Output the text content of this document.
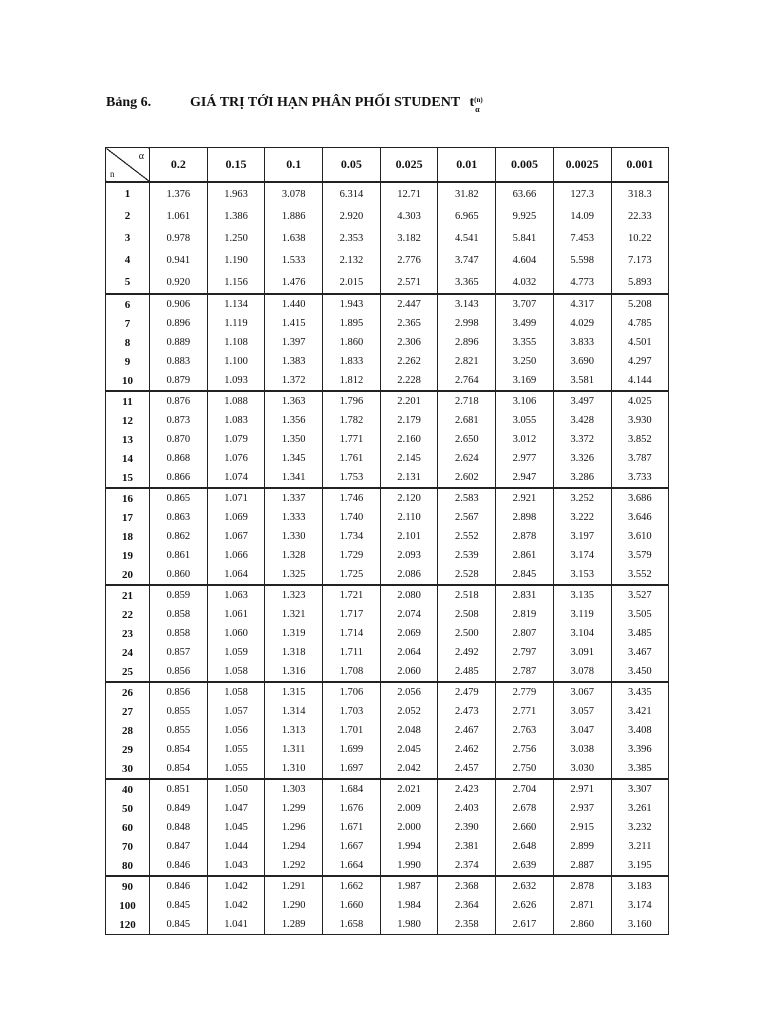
Bảng 6.	GIÁ TRỊ TỚI HẠN PHÂN PHỐI STUDENT t (n)
α
α
n	0.2	0.15	0.1	0.05	0.025	0.01	0.005	0.0025	0.001
1	1.376	1.963	3.078	6.314	12.71	31.82	63.66	127.3	318.3
2	1.061	1.386	1.886	2.920	4.303	6.965	9.925	14.09	22.33
3	0.978	1.250	1.638	2.353	3.182	4.541	5.841	7.453	10.22
4	0.941	1.190	1.533	2.132	2.776	3.747	4.604	5.598	7.173
5	0.920	1.156	1.476	2.015	2.571	3.365	4.032	4.773	5.893
6	0.906	1.134	1.440	1.943	2.447	3.143	3.707	4.317	5.208
7	0.896	1.119	1.415	1.895	2.365	2.998	3.499	4.029	4.785
8	0.889	1.108	1.397	1.860	2.306	2.896	3.355	3.833	4.501
9	0.883	1.100	1.383	1.833	2.262	2.821	3.250	3.690	4.297
10	0.879	1.093	1.372	1.812	2.228	2.764	3.169	3.581	4.144
11	0.876	1.088	1.363	1.796	2.201	2.718	3.106	3.497	4.025
12	0.873	1.083	1.356	1.782	2.179	2.681	3.055	3.428	3.930
13	0.870	1.079	1.350	1.771	2.160	2.650	3.012	3.372	3.852
14	0.868	1.076	1.345	1.761	2.145	2.624	2.977	3.326	3.787
15	0.866	1.074	1.341	1.753	2.131	2.602	2.947	3.286	3.733
16	0.865	1.071	1.337	1.746	2.120	2.583	2.921	3.252	3.686
17	0.863	1.069	1.333	1.740	2.110	2.567	2.898	3.222	3.646
18	0.862	1.067	1.330	1.734	2.101	2.552	2.878	3.197	3.610
19	0.861	1.066	1.328	1.729	2.093	2.539	2.861	3.174	3.579
20	0.860	1.064	1.325	1.725	2.086	2.528	2.845	3.153	3.552
21	0.859	1.063	1.323	1.721	2.080	2.518	2.831	3.135	3.527
22	0.858	1.061	1.321	1.717	2.074	2.508	2.819	3.119	3.505
23	0.858	1.060	1.319	1.714	2.069	2.500	2.807	3.104	3.485
24	0.857	1.059	1.318	1.711	2.064	2.492	2.797	3.091	3.467
25	0.856	1.058	1.316	1.708	2.060	2.485	2.787	3.078	3.450
26	0.856	1.058	1.315	1.706	2.056	2.479	2.779	3.067	3.435
27	0.855	1.057	1.314	1.703	2.052	2.473	2.771	3.057	3.421
28	0.855	1.056	1.313	1.701	2.048	2.467	2.763	3.047	3.408
29	0.854	1.055	1.311	1.699	2.045	2.462	2.756	3.038	3.396
30	0.854	1.055	1.310	1.697	2.042	2.457	2.750	3.030	3.385
40	0.851	1.050	1.303	1.684	2.021	2.423	2.704	2.971	3.307
50	0.849	1.047	1.299	1.676	2.009	2.403	2.678	2.937	3.261
60	0.848	1.045	1.296	1.671	2.000	2.390	2.660	2.915	3.232
70	0.847	1.044	1.294	1.667	1.994	2.381	2.648	2.899	3.211
80	0.846	1.043	1.292	1.664	1.990	2.374	2.639	2.887	3.195
90	0.846	1.042	1.291	1.662	1.987	2.368	2.632	2.878	3.183
100	0.845	1.042	1.290	1.660	1.984	2.364	2.626	2.871	3.174
120	0.845	1.041	1.289	1.658	1.980	2.358	2.617	2.860	3.160
